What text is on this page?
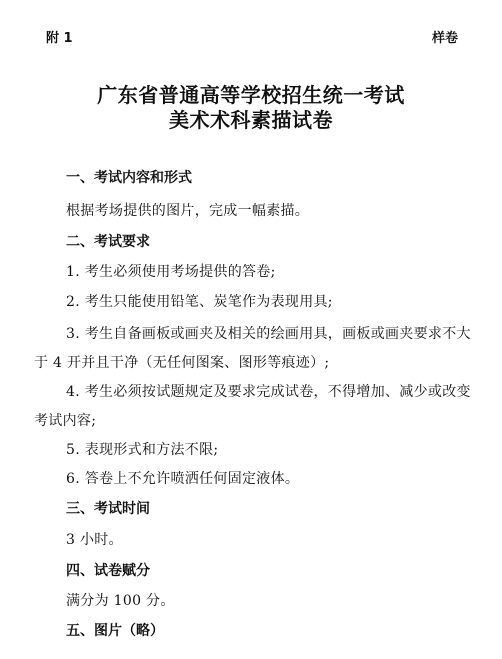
附 1	样卷
广东省普通高等学校招生统一考试
美术术科素描试卷
一、考试内容和形式
根据考场提供的图片，完成一幅素描。
二、考试要求
1. 考生必须使用考场提供的答卷;
2. 考生只能使用铅笔、炭笔作为表现用具;
3. 考生自备画板或画夹及相关的绘画用具，画板或画夹要求不大于 4 开并且干净（无任何图案、图形等痕迹）;
4. 考生必须按试题规定及要求完成试卷，不得增加、减少或改变考试内容;
5. 表现形式和方法不限;
6. 答卷上不允许喷洒任何固定液体。
三、考试时间
3 小时。
四、试卷赋分
满分为 100 分。
五、图片（略）
